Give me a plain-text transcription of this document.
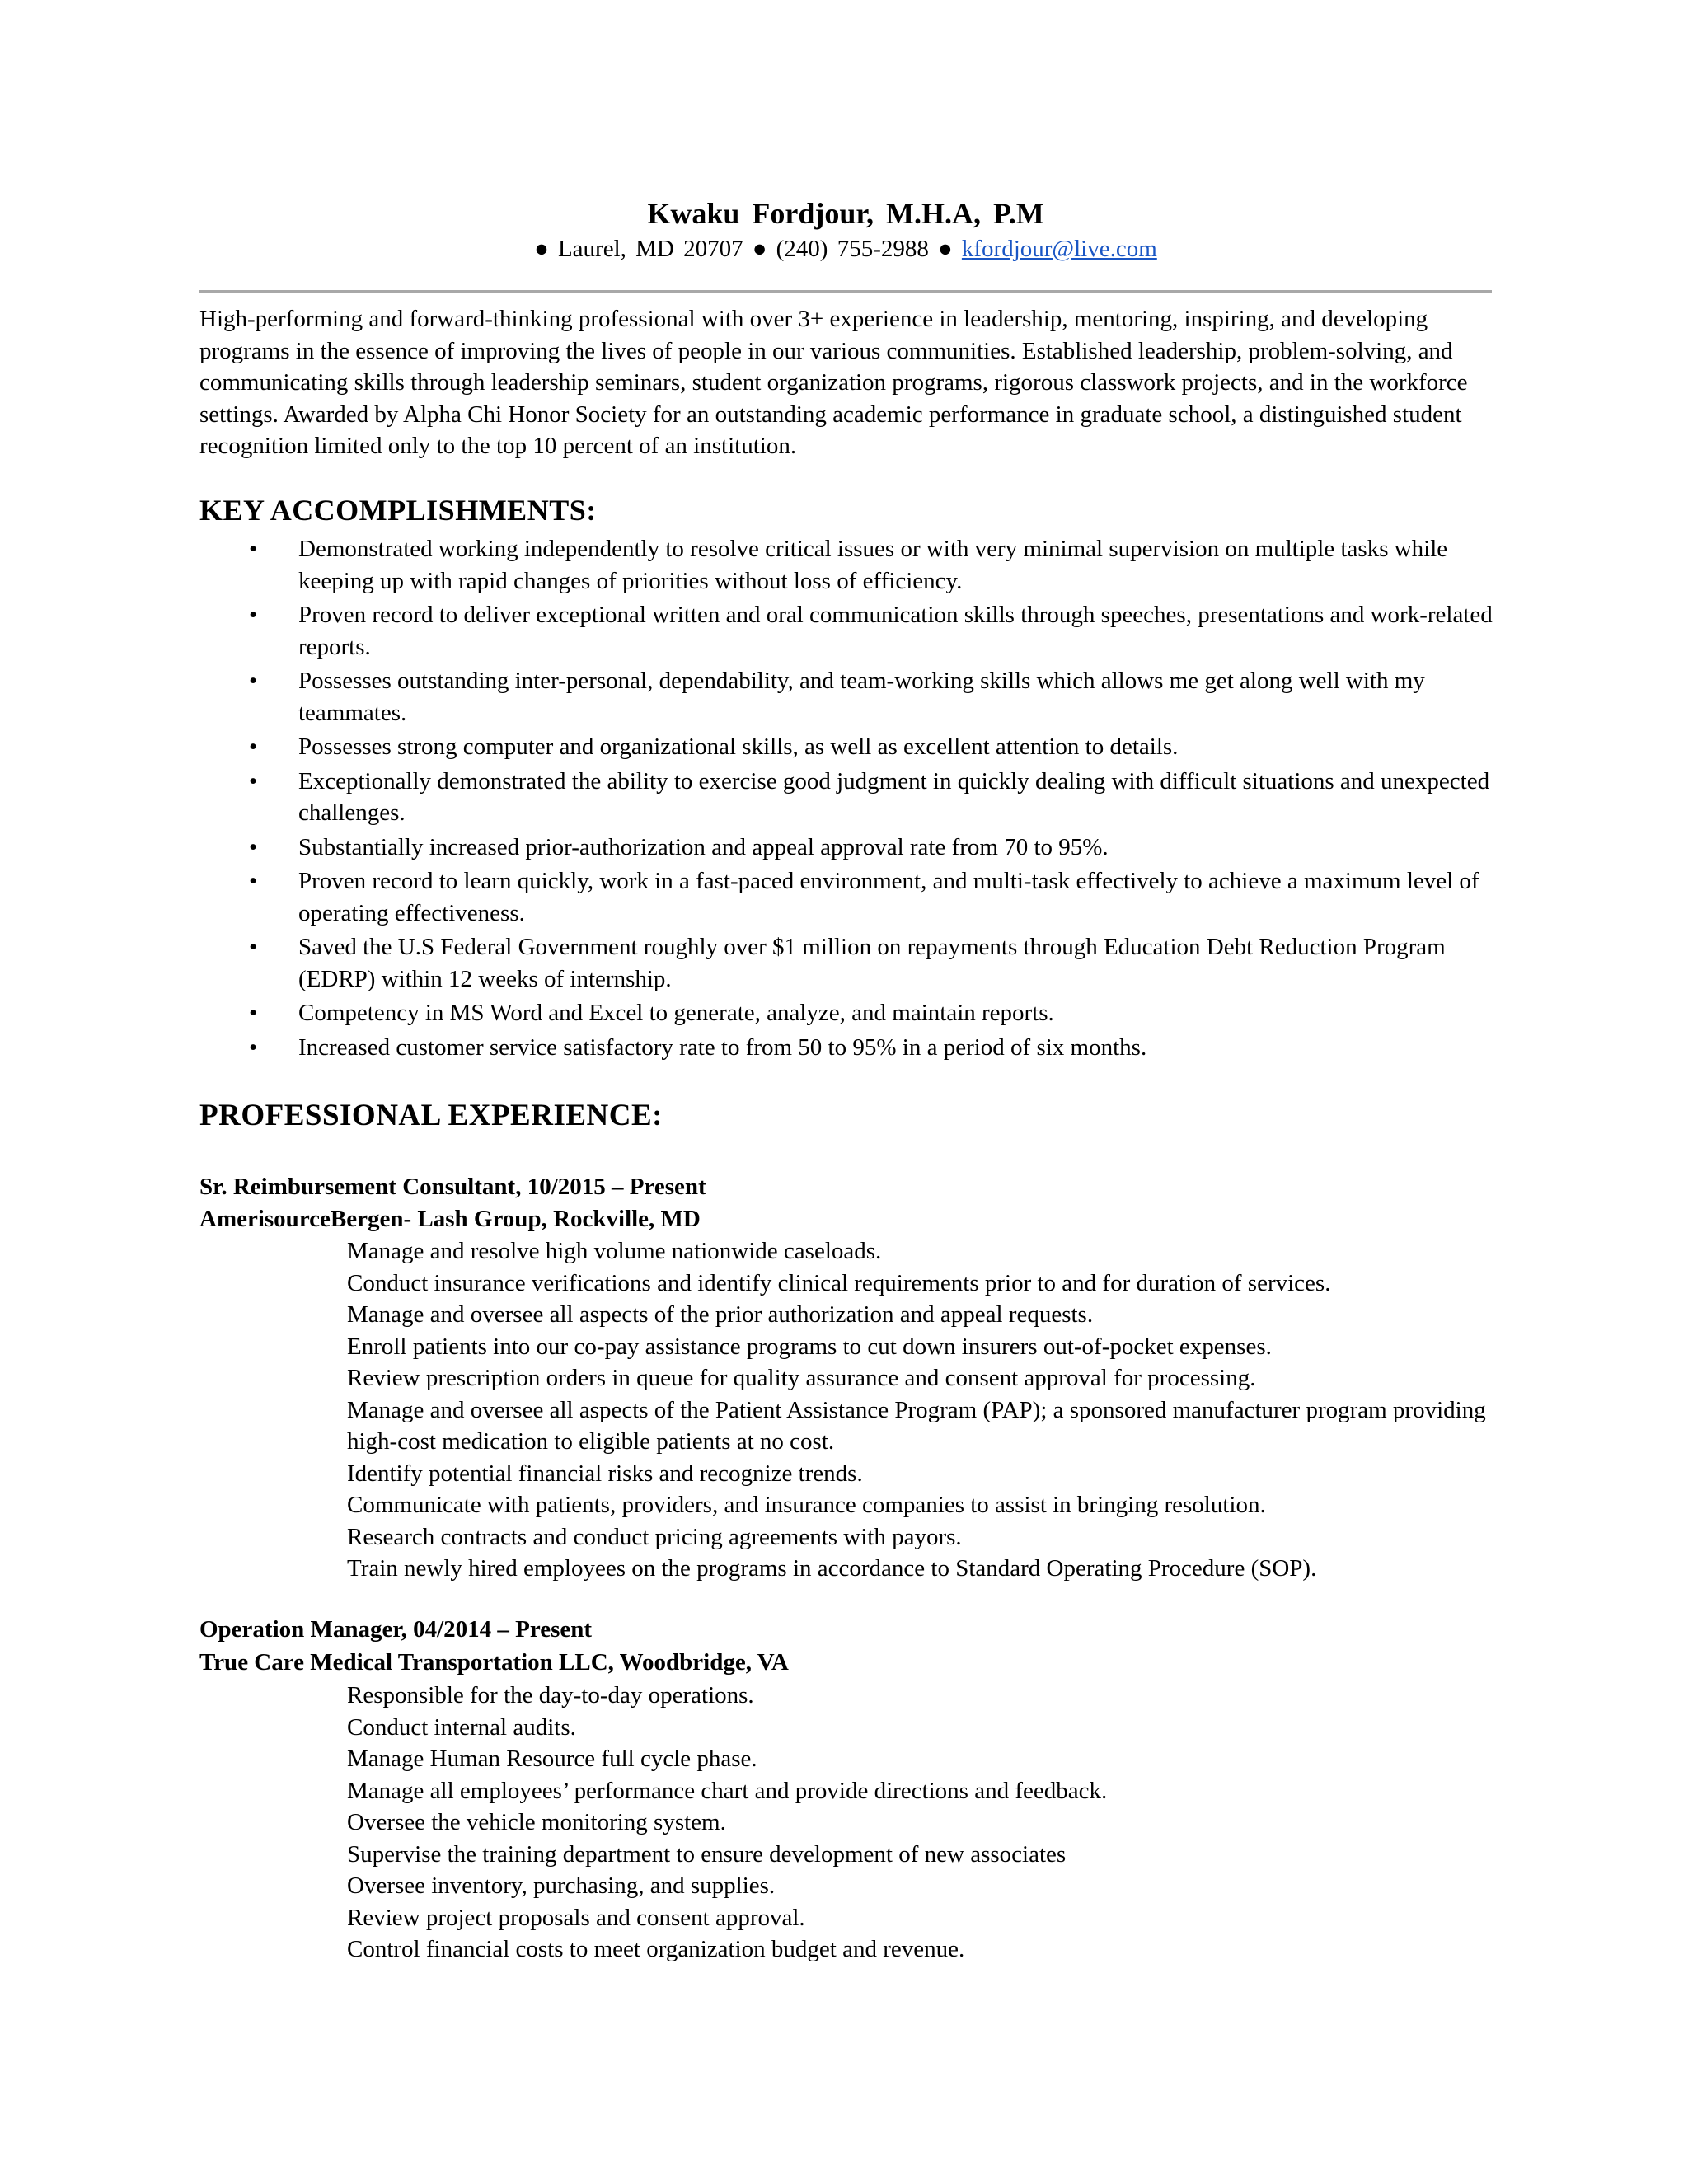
Kwaku Fordjour, M.H.A, P.M
● Laurel, MD 20707 ● (240) 755-2988 ● kfordjour@live.com
High-performing and forward-thinking professional with over 3+ experience in leadership, mentoring, inspiring, and developing programs in the essence of improving the lives of people in our various communities. Established leadership, problem-solving, and communicating skills through leadership seminars, student organization programs, rigorous classwork projects, and in the workforce settings. Awarded by Alpha Chi Honor Society for an outstanding academic performance in graduate school, a distinguished student recognition limited only to the top 10 percent of an institution.
KEY ACCOMPLISHMENTS:
• Demonstrated working independently to resolve critical issues or with very minimal supervision on multiple tasks while keeping up with rapid changes of priorities without loss of efficiency.
• Proven record to deliver exceptional written and oral communication skills through speeches, presentations and work-related reports.
• Possesses outstanding inter-personal, dependability, and team-working skills which allows me get along well with my teammates.
• Possesses strong computer and organizational skills, as well as excellent attention to details.
• Exceptionally demonstrated the ability to exercise good judgment in quickly dealing with difficult situations and unexpected challenges.
• Substantially increased prior-authorization and appeal approval rate from 70 to 95%.
• Proven record to learn quickly, work in a fast-paced environment, and multi-task effectively to achieve a maximum level of operating effectiveness.
• Saved the U.S Federal Government roughly over $1 million on repayments through Education Debt Reduction Program (EDRP) within 12 weeks of internship.
• Competency in MS Word and Excel to generate, analyze, and maintain reports.
• Increased customer service satisfactory rate to from 50 to 95% in a period of six months.
PROFESSIONAL EXPERIENCE:
Sr. Reimbursement Consultant, 10/2015 – Present
AmerisourceBergen- Lash Group, Rockville, MD
Manage and resolve high volume nationwide caseloads.
Conduct insurance verifications and identify clinical requirements prior to and for duration of services.
Manage and oversee all aspects of the prior authorization and appeal requests.
Enroll patients into our co-pay assistance programs to cut down insurers out-of-pocket expenses.
Review prescription orders in queue for quality assurance and consent approval for processing.
Manage and oversee all aspects of the Patient Assistance Program (PAP); a sponsored manufacturer program providing high-cost medication to eligible patients at no cost.
Identify potential financial risks and recognize trends.
Communicate with patients, providers, and insurance companies to assist in bringing resolution.
Research contracts and conduct pricing agreements with payors.
Train newly hired employees on the programs in accordance to Standard Operating Procedure (SOP).
Operation Manager, 04/2014 – Present
True Care Medical Transportation LLC, Woodbridge, VA
Responsible for the day-to-day operations.
Conduct internal audits.
Manage Human Resource full cycle phase.
Manage all employees’ performance chart and provide directions and feedback.
Oversee the vehicle monitoring system.
Supervise the training department to ensure development of new associates
Oversee inventory, purchasing, and supplies.
Review project proposals and consent approval.
Control financial costs to meet organization budget and revenue.
